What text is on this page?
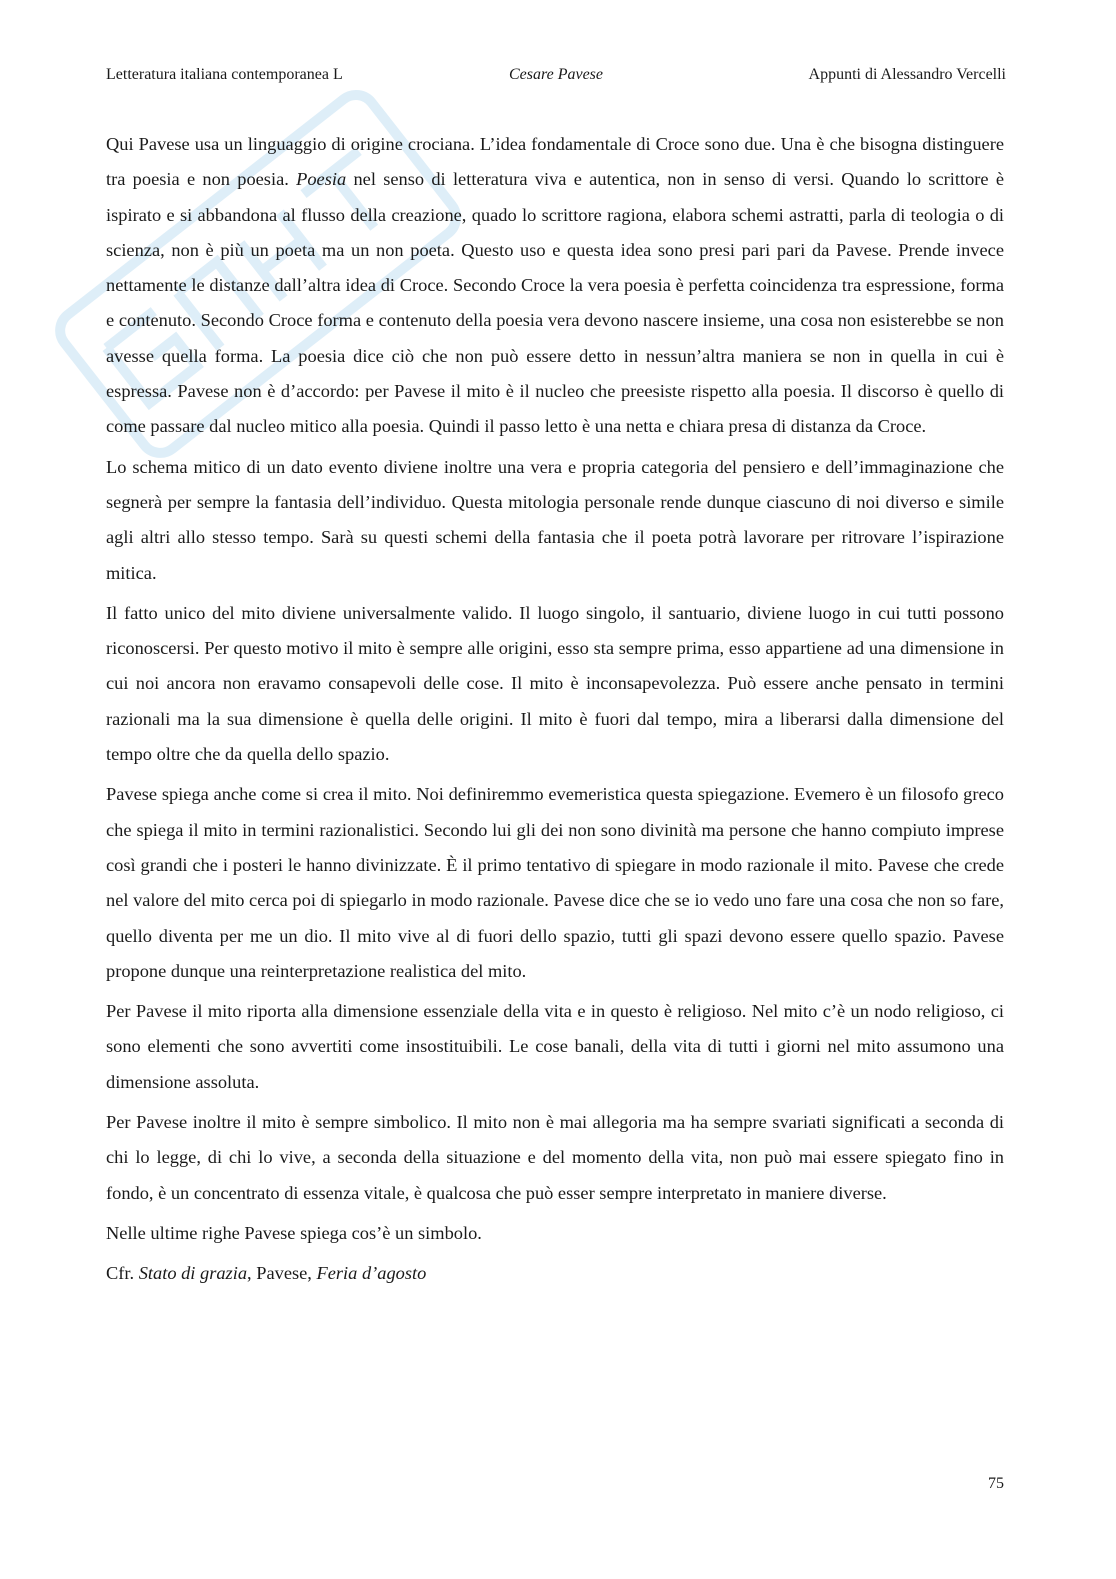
Letteratura italiana contemporanea L	Cesare Pavese	Appunti di Alessandro Vercelli

Qui Pavese usa un linguaggio di origine crociana. L’idea fondamentale di Croce sono due. Una è che bisogna distinguere tra poesia e non poesia. Poesia nel senso di letteratura viva e autentica, non in senso di versi. Quando lo scrittore è ispirato e si abbandona al flusso della creazione, quado lo scrittore ragiona, elabora schemi astratti, parla di teologia o di scienza, non è più un poeta ma un non poeta. Questo uso e questa idea sono presi pari pari da Pavese. Prende invece nettamente le distanze dall’altra idea di Croce. Secondo Croce la vera poesia è perfetta coincidenza tra espressione, forma e contenuto. Secondo Croce forma e contenuto della poesia vera devono nascere insieme, una cosa non esisterebbe se non avesse quella forma. La poesia dice ciò che non può essere detto in nessun’altra maniera se non in quella in cui è espressa. Pavese non è d’accordo: per Pavese il mito è il nucleo che preesiste rispetto alla poesia. Il discorso è quello di come passare dal nucleo mitico alla poesia. Quindi il passo letto è una netta e chiara presa di distanza da Croce.

Lo schema mitico di un dato evento diviene inoltre una vera e propria categoria del pensiero e dell’immaginazione che segnerà per sempre la fantasia dell’individuo. Questa mitologia personale rende dunque ciascuno di noi diverso e simile agli altri allo stesso tempo. Sarà su questi schemi della fantasia che il poeta potrà lavorare per ritrovare l’ispirazione mitica.

Il fatto unico del mito diviene universalmente valido. Il luogo singolo, il santuario, diviene luogo in cui tutti possono riconoscersi. Per questo motivo il mito è sempre alle origini, esso sta sempre prima, esso appartiene ad una dimensione in cui noi ancora non eravamo consapevoli delle cose. Il mito è inconsapevolezza. Può essere anche pensato in termini razionali ma la sua dimensione è quella delle origini. Il mito è fuori dal tempo, mira a liberarsi dalla dimensione del tempo oltre che da quella dello spazio.

Pavese spiega anche come si crea il mito. Noi definiremmo evemeristica questa spiegazione. Evemero è un filosofo greco che spiega il mito in termini razionalistici. Secondo lui gli dei non sono divinità ma persone che hanno compiuto imprese così grandi che i posteri le hanno divinizzate. È il primo tentativo di spiegare in modo razionale il mito. Pavese che crede nel valore del mito cerca poi di spiegarlo in modo razionale. Pavese dice che se io vedo uno fare una cosa che non so fare, quello diventa per me un dio. Il mito vive al di fuori dello spazio, tutti gli spazi devono essere quello spazio. Pavese propone dunque una reinterpretazione realistica del mito.

Per Pavese il mito riporta alla dimensione essenziale della vita e in questo è religioso. Nel mito c’è un nodo religioso, ci sono elementi che sono avvertiti come insostituibili. Le cose banali, della vita di tutti i giorni nel mito assumono una dimensione assoluta.

Per Pavese inoltre il mito è sempre simbolico. Il mito non è mai allegoria ma ha sempre svariati significati a seconda di chi lo legge, di chi lo vive, a seconda della situazione e del momento della vita, non può mai essere spiegato fino in fondo, è un concentrato di essenza vitale, è qualcosa che può esser sempre interpretato in maniere diverse.

Nelle ultime righe Pavese spiega cos’è un simbolo.

Cfr. Stato di grazia, Pavese, Feria d’agosto

75
